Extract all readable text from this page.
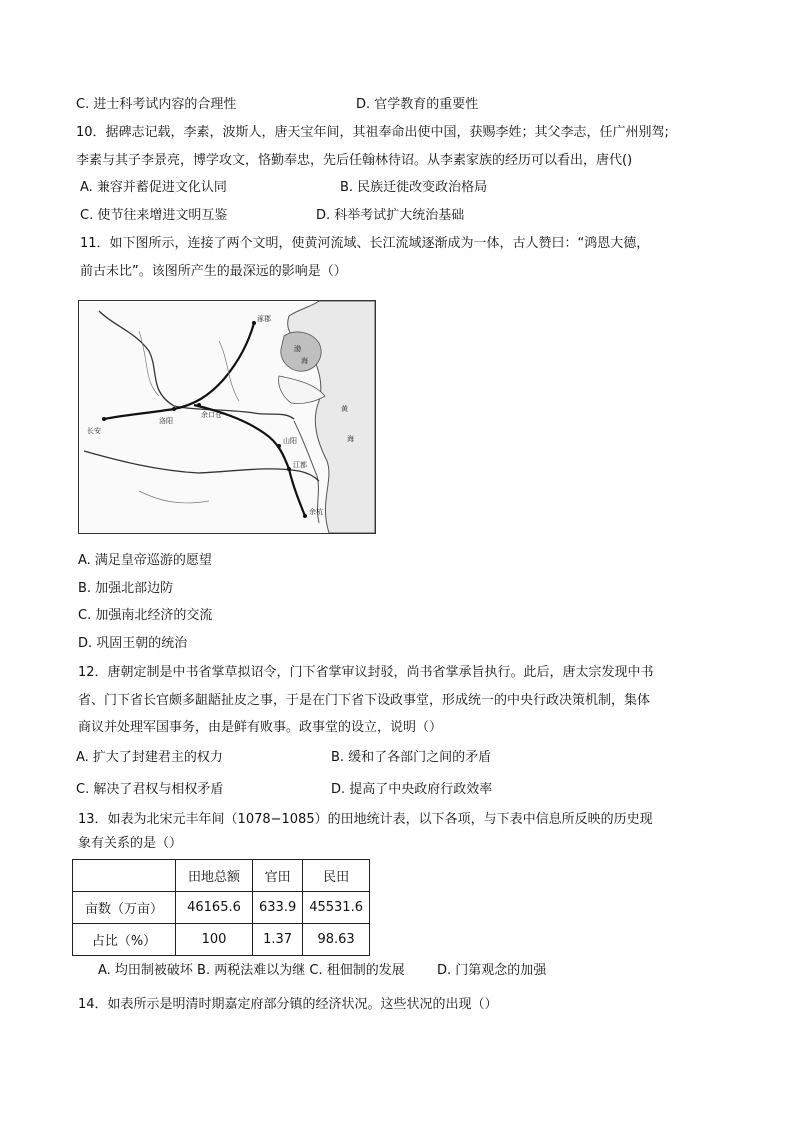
C. 进士科考试内容的合理性	D. 官学教育的重要性
10．据碑志记载，李素，波斯人，唐天宝年间，其祖奉命出使中国，获赐李姓；其父李志，任广州别驾;
李素与其子李景亮，博学攻文，恪勤奉忠，先后任翰林待诏。从李素家族的经历可以看出，唐代()
A. 兼容并蓄促进文化认同	B. 民族迁徙改变政治格局
C. 使节往来增进文明互鉴	D. 科举考试扩大统治基础
11．如下图所示，连接了两个文明，使黄河流域、长江流域逐渐成为一体，古人赞曰：“鸿恩大德，
前古未比”。该图所产生的最深远的影响是（）
涿郡
渤
海
黄
海
长安
洛阳
余口仓
山阳
江都
余杭
A. 满足皇帝巡游的愿望
B. 加强北部边防
C. 加强南北经济的交流
D. 巩固王朝的统治
12．唐朝定制是中书省掌草拟诏令，门下省掌审议封驳，尚书省掌承旨执行。此后，唐太宗发现中书
省、门下省长官颇多龃龉扯皮之事，于是在门下省下设政事堂，形成统一的中央行政决策机制，集体
商议并处理军国事务，由是鲜有败事。政事堂的设立，说明（）
A. 扩大了封建君主的权力	B. 缓和了各部门之间的矛盾
C. 解决了君权与相权矛盾	D. 提高了中央政府行政效率
13．如表为北宋元丰年间（1078−1085）的田地统计表，以下各项，与下表中信息所反映的历史现
象有关系的是（）
	田地总额	官田	民田
亩数（万亩）	46165.6	633.9	45531.6
占比（%）	100	1.37	98.63
A. 均田制被破坏 B. 两税法难以为继 C. 租佃制的发展 D. 门第观念的加强
14．如表所示是明清时期嘉定府部分镇的经济状况。这些状况的出现（）
